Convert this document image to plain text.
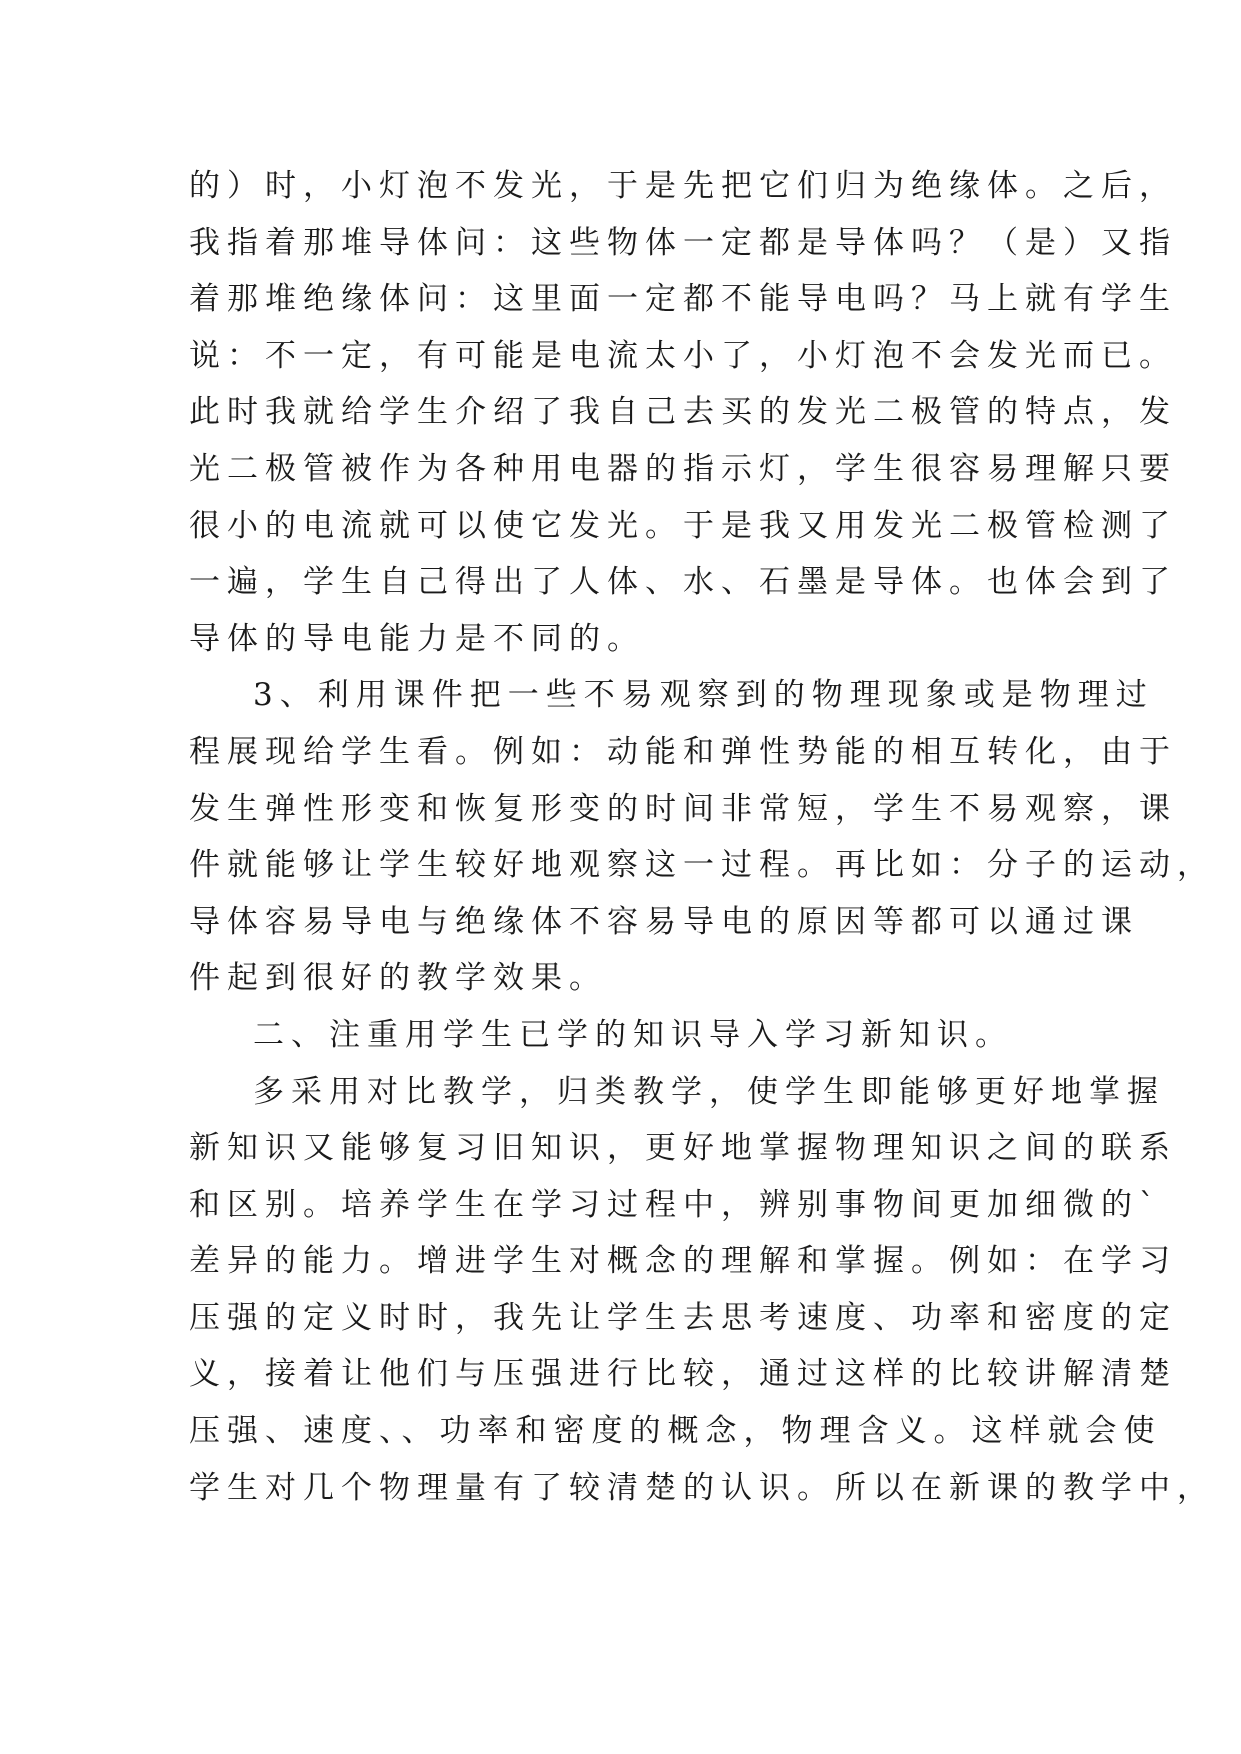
的）时，小灯泡不发光，于是先把它们归为绝缘体。之后，
我指着那堆导体问：这些物体一定都是导体吗？（是）又指
着那堆绝缘体问：这里面一定都不能导电吗？马上就有学生
说：不一定，有可能是电流太小了，小灯泡不会发光而已。
此时我就给学生介绍了我自己去买的发光二极管的特点，发
光二极管被作为各种用电器的指示灯，学生很容易理解只要
很小的电流就可以使它发光。于是我又用发光二极管检测了
一遍，学生自己得出了人体、水、石墨是导体。也体会到了
导体的导电能力是不同的。
3、利用课件把一些不易观察到的物理现象或是物理过
程展现给学生看。例如：动能和弹性势能的相互转化，由于
发生弹性形变和恢复形变的时间非常短，学生不易观察，课
件就能够让学生较好地观察这一过程。再比如：分子的运动，
导体容易导电与绝缘体不容易导电的原因等都可以通过课
件起到很好的教学效果。
二、注重用学生已学的知识导入学习新知识。
多采用对比教学，归类教学，使学生即能够更好地掌握
新知识又能够复习旧知识，更好地掌握物理知识之间的联系
和区别。培养学生在学习过程中，辨别事物间更加细微的`
差异的能力。增进学生对概念的理解和掌握。例如：在学习
压强的定义时时，我先让学生去思考速度、功率和密度的定
义，接着让他们与压强进行比较，通过这样的比较讲解清楚
压强、速度、、功率和密度的概念，物理含义。这样就会使
学生对几个物理量有了较清楚的认识。所以在新课的教学中，
